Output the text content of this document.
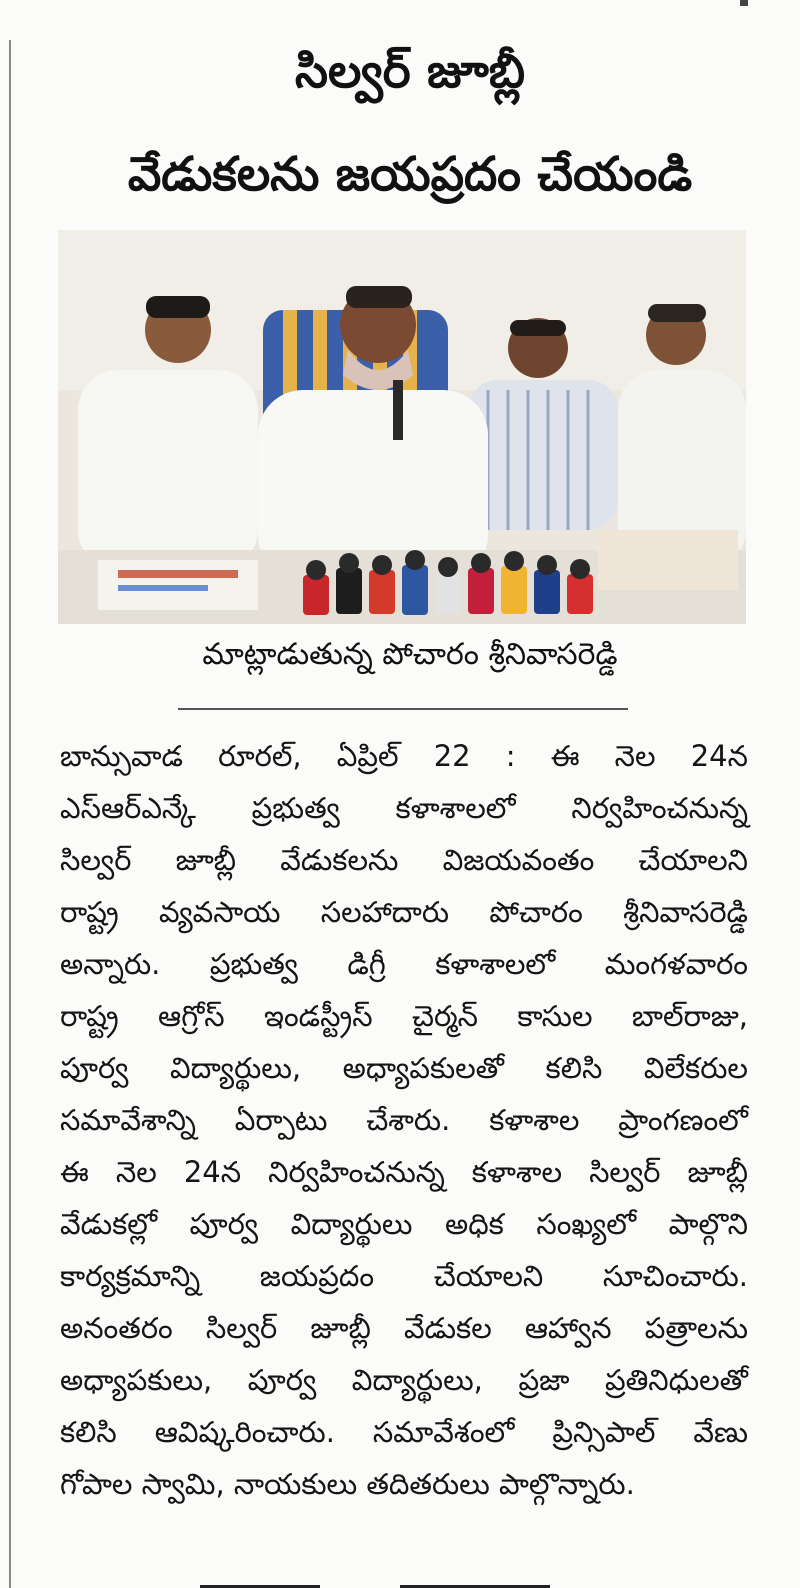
సిల్వర్ జూబ్లీ
వేడుకలను జయప్రదం చేయండి
మాట్లాడుతున్న పోచారం శ్రీనివాసరెడ్డి
బాన్సువాడ రూరల్, ఏప్రిల్ 22 : ఈ నెల 24న
ఎస్ఆర్ఎన్కే ప్రభుత్వ కళాశాలలో నిర్వహించనున్న
సిల్వర్ జూబ్లీ వేడుకలను విజయవంతం చేయాలని
రాష్ట్ర వ్యవసాయ సలహాదారు పోచారం శ్రీనివాసరెడ్డి
అన్నారు. ప్రభుత్వ డిగ్రీ కళాశాలలో మంగళవారం
రాష్ట్ర ఆగ్రోస్ ఇండస్ట్రీస్ చైర్మన్ కాసుల బాల్‌రాజు,
పూర్వ విద్యార్థులు, అధ్యాపకులతో కలిసి విలేకరుల
సమావేశాన్ని ఏర్పాటు చేశారు. కళాశాల ప్రాంగణంలో
ఈ నెల 24న నిర్వహించనున్న కళాశాల సిల్వర్ జూబ్లీ
వేడుకల్లో పూర్వ విద్యార్థులు అధిక సంఖ్యలో పాల్గొని
కార్యక్రమాన్ని జయప్రదం చేయాలని సూచించారు.
అనంతరం సిల్వర్ జూబ్లీ వేడుకల ఆహ్వాన పత్రాలను
అధ్యాపకులు, పూర్వ విద్యార్థులు, ప్రజా ప్రతినిధులతో
కలిసి ఆవిష్కరించారు. సమావేశంలో ప్రిన్సిపాల్ వేణు
గోపాల స్వామి, నాయకులు తదితరులు పాల్గొన్నారు.
